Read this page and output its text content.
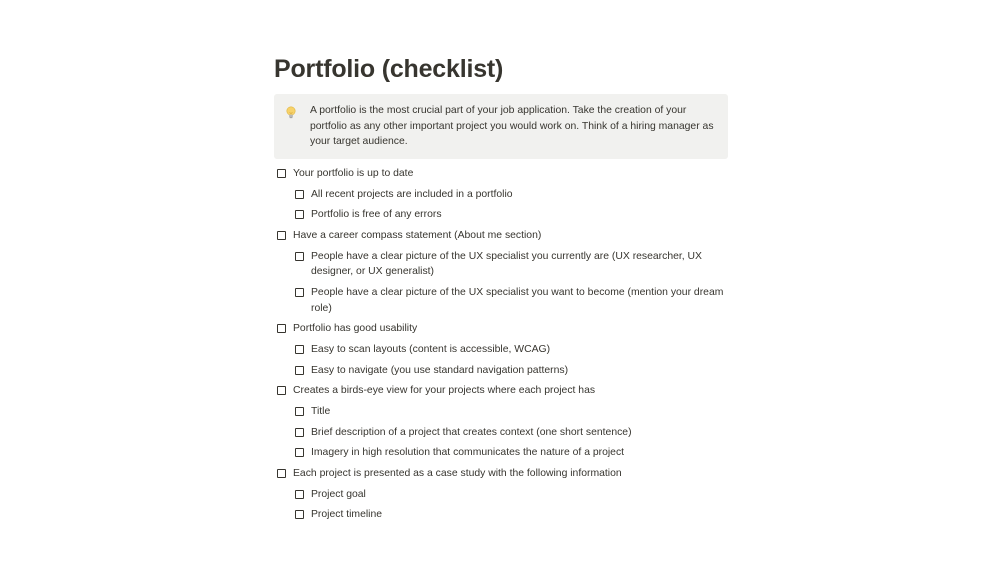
Portfolio (checklist)
A portfolio is the most crucial part of your job application. Take the creation of your portfolio as any other important project you would work on. Think of a hiring manager as your target audience.
Your portfolio is up to date
All recent projects are included in a portfolio
Portfolio is free of any errors
Have a career compass statement (About me section)
People have a clear picture of the UX specialist you currently are (UX researcher, UX designer, or UX generalist)
People have a clear picture of the UX specialist you want to become (mention your dream role)
Portfolio has good usability
Easy to scan layouts (content is accessible, WCAG)
Easy to navigate (you use standard navigation patterns)
Creates a birds-eye view for your projects where each project has
Title
Brief description of a project that creates context (one short sentence)
Imagery in high resolution that communicates the nature of a project
Each project is presented as a case study with the following information
Project goal
Project timeline
